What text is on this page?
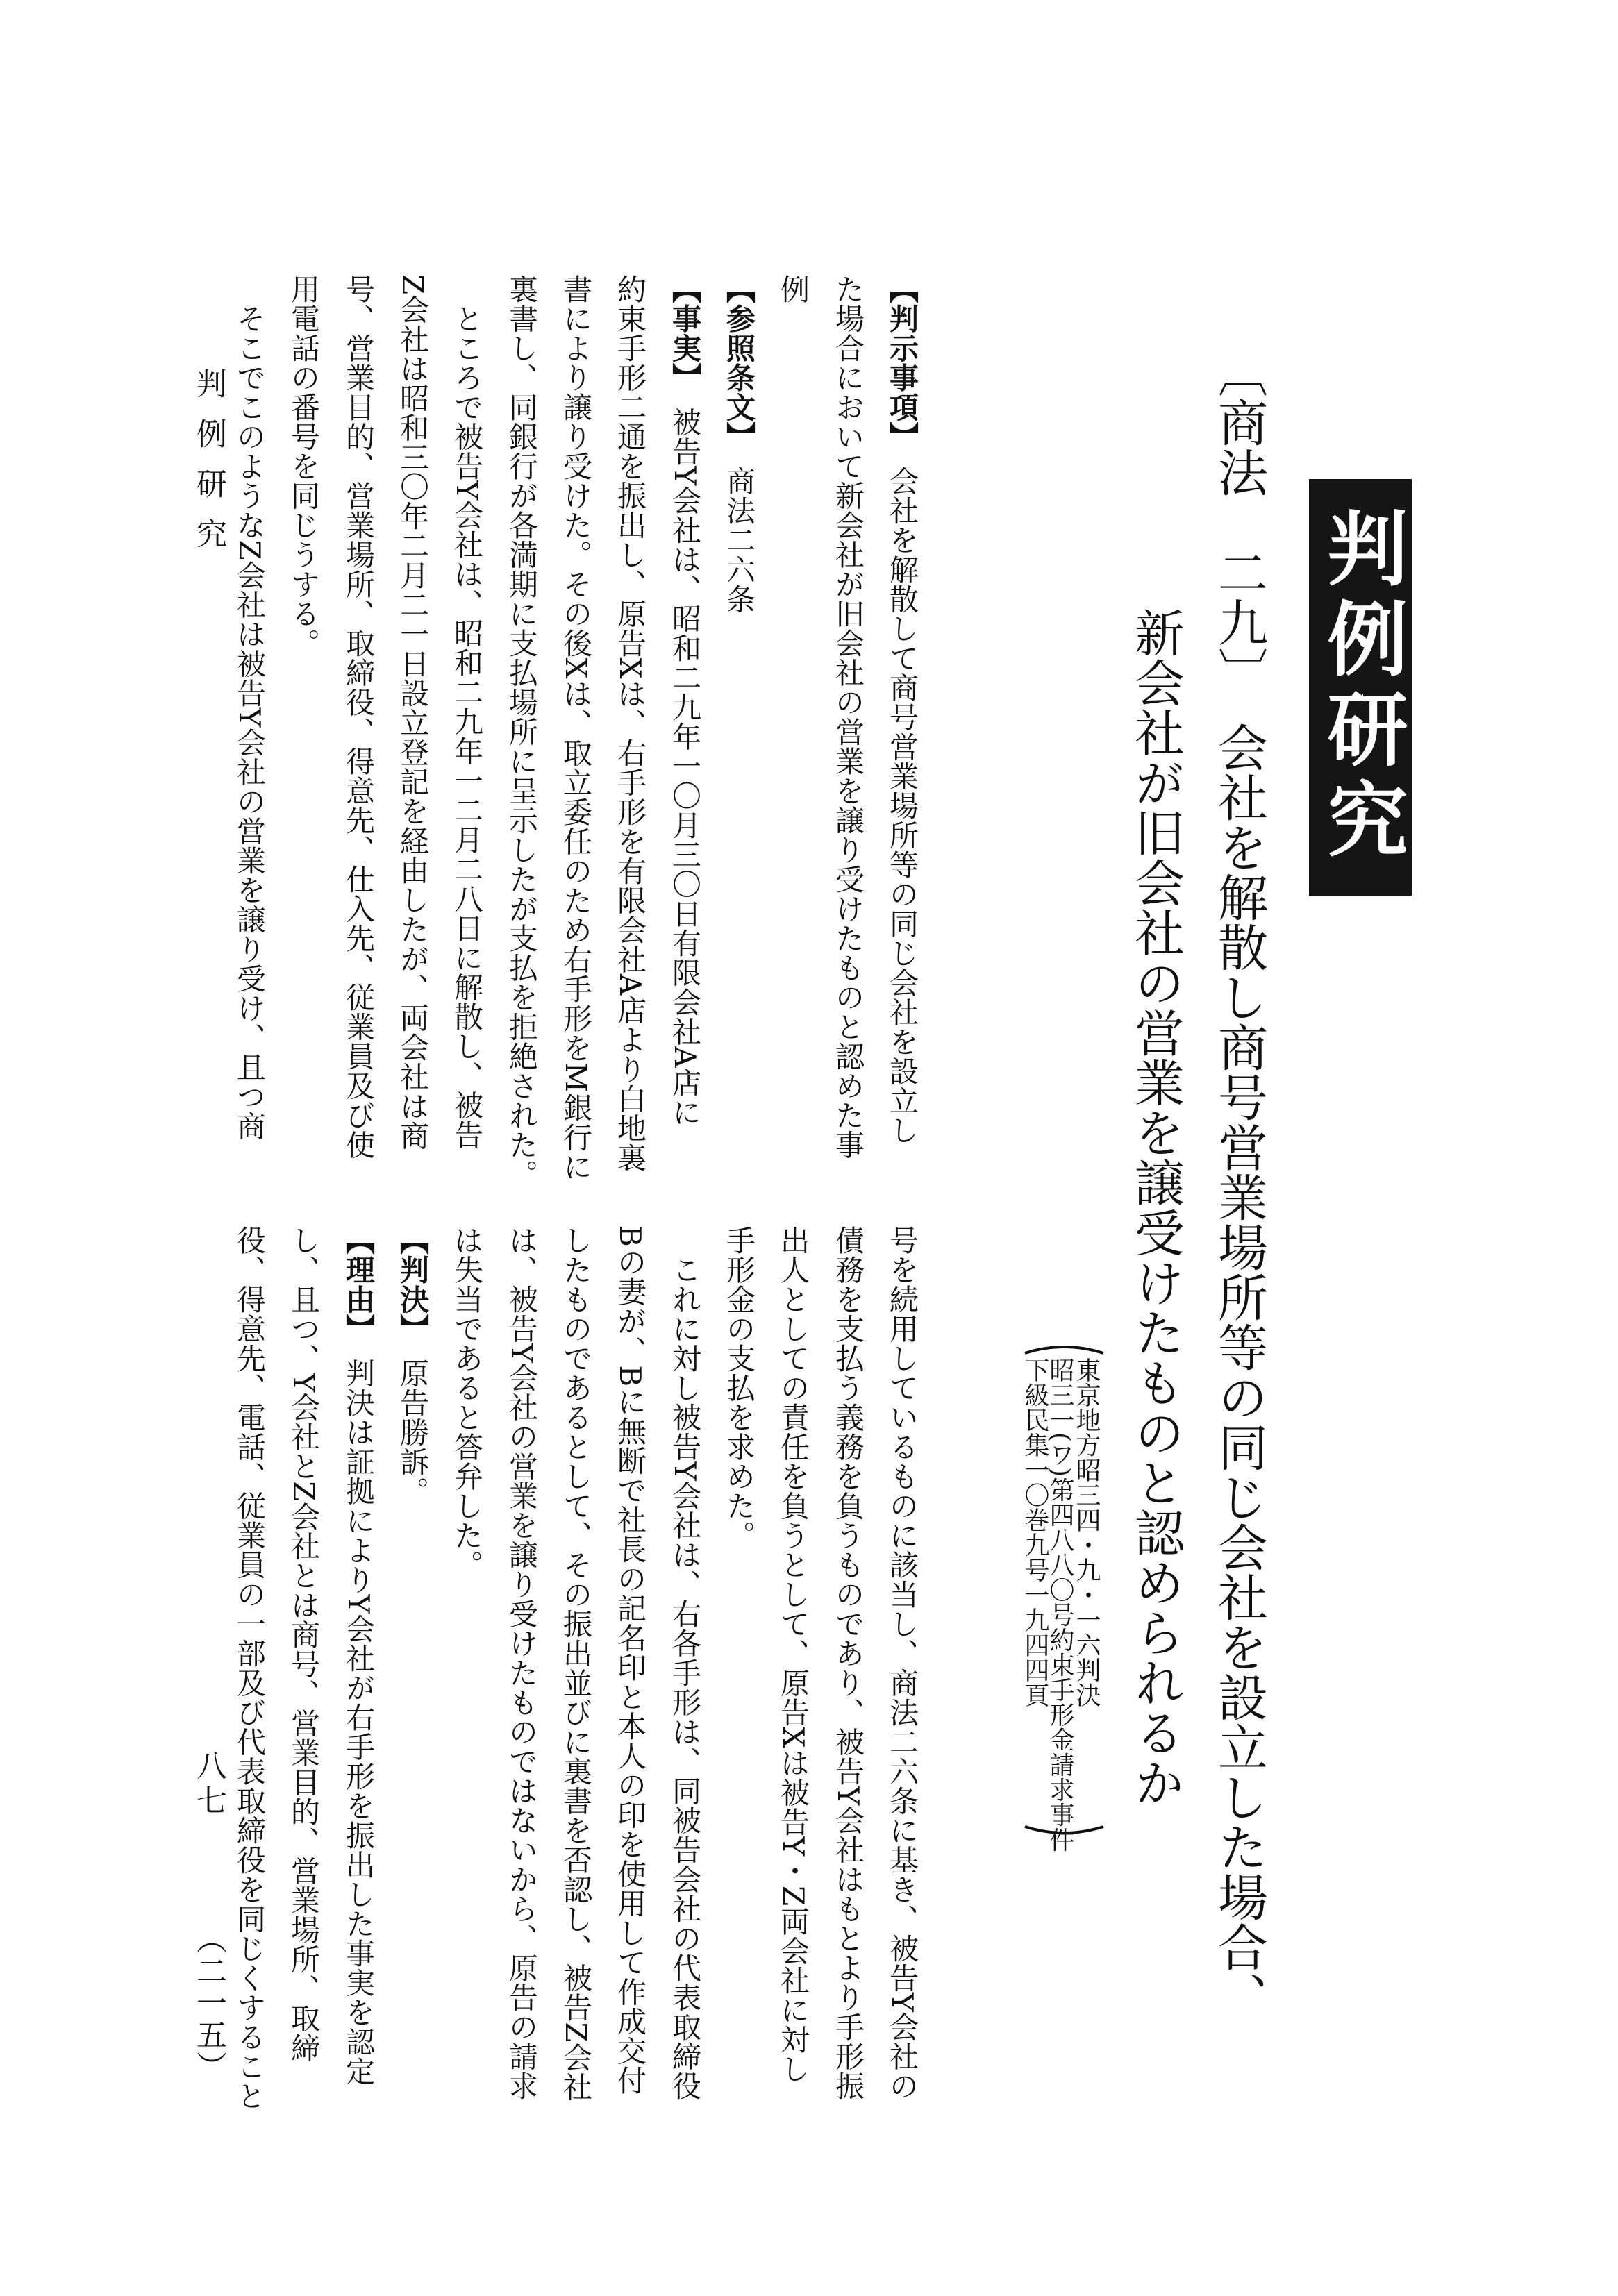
判例研究
〔商法　二九〕　会社を解散し商号営業場所等の同じ会社を設立した場合、
新会社が旧会社の営業を譲受けたものと認められるか
東京地方昭三四・九・一六判決
昭三一(ワ)第四八八〇号約束手形金請求事件
下級民集一〇巻九号一九四四頁
【判示事項】　会社を解散して商号営業場所等の同じ会社を設立し
た場合において新会社が旧会社の営業を譲り受けたものと認めた事
例
【参照条文】　商法二六条
【事実】　被告Y会社は、昭和二九年一〇月三〇日有限会社A店に
約束手形二通を振出し、原告Xは、右手形を有限会社A店より白地裏
書により譲り受けた。その後Xは、取立委任のため右手形をM銀行に
裏書し、同銀行が各満期に支払場所に呈示したが支払を拒絶された。
　ところで被告Y会社は、昭和二九年一二月二八日に解散し、被告
Z会社は昭和三〇年二月二一日設立登記を経由したが、両会社は商
号、営業目的、営業場所、取締役、得意先、仕入先、従業員及び使
用電話の番号を同じうする。
号を続用しているものに該当し、商法二六条に基き、被告Y会社の
債務を支払う義務を負うものであり、被告Y会社はもとより手形振
出人としての責任を負うとして、原告Xは被告Y・Z両会社に対し
手形金の支払を求めた。
　これに対し被告Y会社は、右各手形は、同被告会社の代表取締役
Bの妻が、Bに無断で社長の記名印と本人の印を使用して作成交付
したものであるとして、その振出並びに裏書を否認し、被告Z会社
は、被告Y会社の営業を譲り受けたものではないから、原告の請求
は失当であると答弁した。
【判決】　原告勝訴。
【理由】　判決は証拠によりY会社が右手形を振出した事実を認定
し、且つ、Y会社とZ会社とは商号、営業目的、営業場所、取締
　そこでこのようなZ会社は被告Y会社の営業を譲り受け、且つ商
役、得意先、電話、従業員の一部及び代表取締役を同じくすること
判例研究
八七
（二一五）
